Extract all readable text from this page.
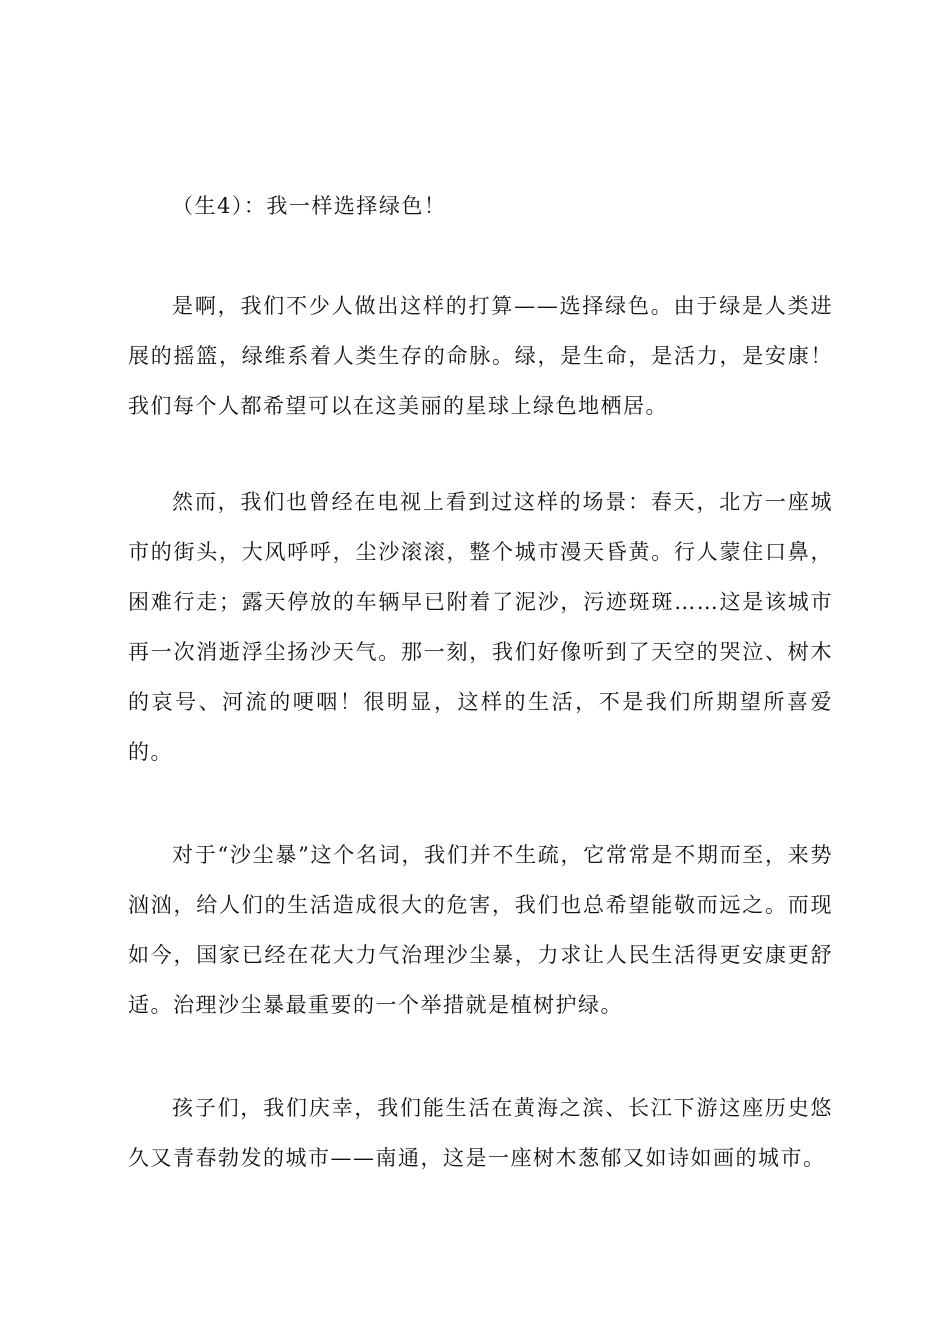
（生4）：我一样选择绿色！

是啊，我们不少人做出这样的打算——选择绿色。由于绿是人类进展的摇篮，绿维系着人类生存的命脉。绿，是生命，是活力，是安康！我们每个人都希望可以在这美丽的星球上绿色地栖居。

然而，我们也曾经在电视上看到过这样的场景：春天，北方一座城市的街头，大风呼呼，尘沙滚滚，整个城市漫天昏黄。行人蒙住口鼻，困难行走；露天停放的车辆早已附着了泥沙，污迹斑斑……这是该城市再一次消逝浮尘扬沙天气。那一刻，我们好像听到了天空的哭泣、树木的哀号、河流的哽咽！很明显，这样的生活，不是我们所期望所喜爱的。

对于“沙尘暴”这个名词，我们并不生疏，它常常是不期而至，来势汹汹，给人们的生活造成很大的危害，我们也总希望能敬而远之。而现如今，国家已经在花大力气治理沙尘暴，力求让人民生活得更安康更舒适。治理沙尘暴最重要的一个举措就是植树护绿。

孩子们，我们庆幸，我们能生活在黄海之滨、长江下游这座历史悠久又青春勃发的城市——南通，这是一座树木葱郁又如诗如画的城市。
